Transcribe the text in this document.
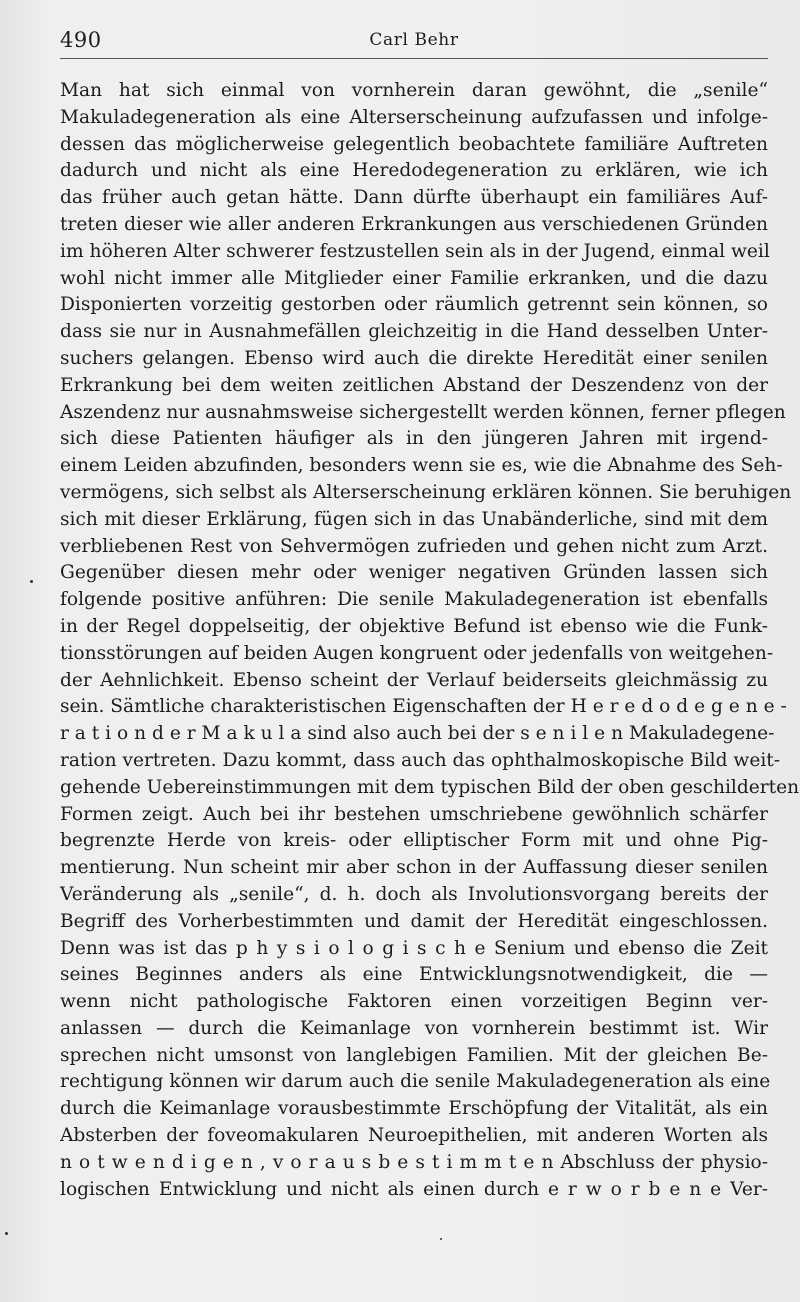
490	Carl Behr
Man hat sich einmal von vornherein daran gewöhnt, die „senile“
Makuladegeneration als eine Alterserscheinung aufzufassen und infolge-
dessen das möglicherweise gelegentlich beobachtete familiäre Auftreten
dadurch und nicht als eine Heredodegeneration zu erklären, wie ich
das früher auch getan hätte. Dann dürfte überhaupt ein familiäres Auf-
treten dieser wie aller anderen Erkrankungen aus verschiedenen Gründen
im höheren Alter schwerer festzustellen sein als in der Jugend, einmal weil
wohl nicht immer alle Mitglieder einer Familie erkranken, und die dazu
Disponierten vorzeitig gestorben oder räumlich getrennt sein können, so
dass sie nur in Ausnahmefällen gleichzeitig in die Hand desselben Unter-
suchers gelangen. Ebenso wird auch die direkte Heredität einer senilen
Erkrankung bei dem weiten zeitlichen Abstand der Deszendenz von der
Aszendenz nur ausnahmsweise sichergestellt werden können, ferner pflegen
sich diese Patienten häufiger als in den jüngeren Jahren mit irgend-
einem Leiden abzufinden, besonders wenn sie es, wie die Abnahme des Seh-
vermögens, sich selbst als Alterserscheinung erklären können. Sie beruhigen
sich mit dieser Erklärung, fügen sich in das Unabänderliche, sind mit dem
verbliebenen Rest von Sehvermögen zufrieden und gehen nicht zum Arzt.
Gegenüber diesen mehr oder weniger negativen Gründen lassen sich
folgende positive anführen: Die senile Makuladegeneration ist ebenfalls
in der Regel doppelseitig, der objektive Befund ist ebenso wie die Funk-
tionsstörungen auf beiden Augen kongruent oder jedenfalls von weitgehen-
der Aehnlichkeit. Ebenso scheint der Verlauf beiderseits gleichmässig zu
sein. Sämtliche charakteristischen Eigenschaften der H e r e d o d e g e n e -
r a t i o n d e r M a k u l a sind also auch bei der s e n i l e n Makuladegene-
ration vertreten. Dazu kommt, dass auch das ophthalmoskopische Bild weit-
gehende Uebereinstimmungen mit dem typischen Bild der oben geschilderten
Formen zeigt. Auch bei ihr bestehen umschriebene gewöhnlich schärfer
begrenzte Herde von kreis- oder elliptischer Form mit und ohne Pig-
mentierung. Nun scheint mir aber schon in der Auffassung dieser senilen
Veränderung als „senile“, d. h. doch als Involutionsvorgang bereits der
Begriff des Vorherbestimmten und damit der Heredität eingeschlossen.
Denn was ist das p h y s i o l o g i s c h e Senium und ebenso die Zeit
seines Beginnes anders als eine Entwicklungsnotwendigkeit, die —
wenn nicht pathologische Faktoren einen vorzeitigen Beginn ver-
anlassen — durch die Keimanlage von vornherein bestimmt ist. Wir
sprechen nicht umsonst von langlebigen Familien. Mit der gleichen Be-
rechtigung können wir darum auch die senile Makuladegeneration als eine
durch die Keimanlage vorausbestimmte Erschöpfung der Vitalität, als ein
Absterben der foveomakularen Neuroepithelien, mit anderen Worten als
n o t w e n d i g e n , v o r a u s b e s t i m m t e n Abschluss der physio-
logischen Entwicklung und nicht als einen durch e r w o r b e n e Ver-
